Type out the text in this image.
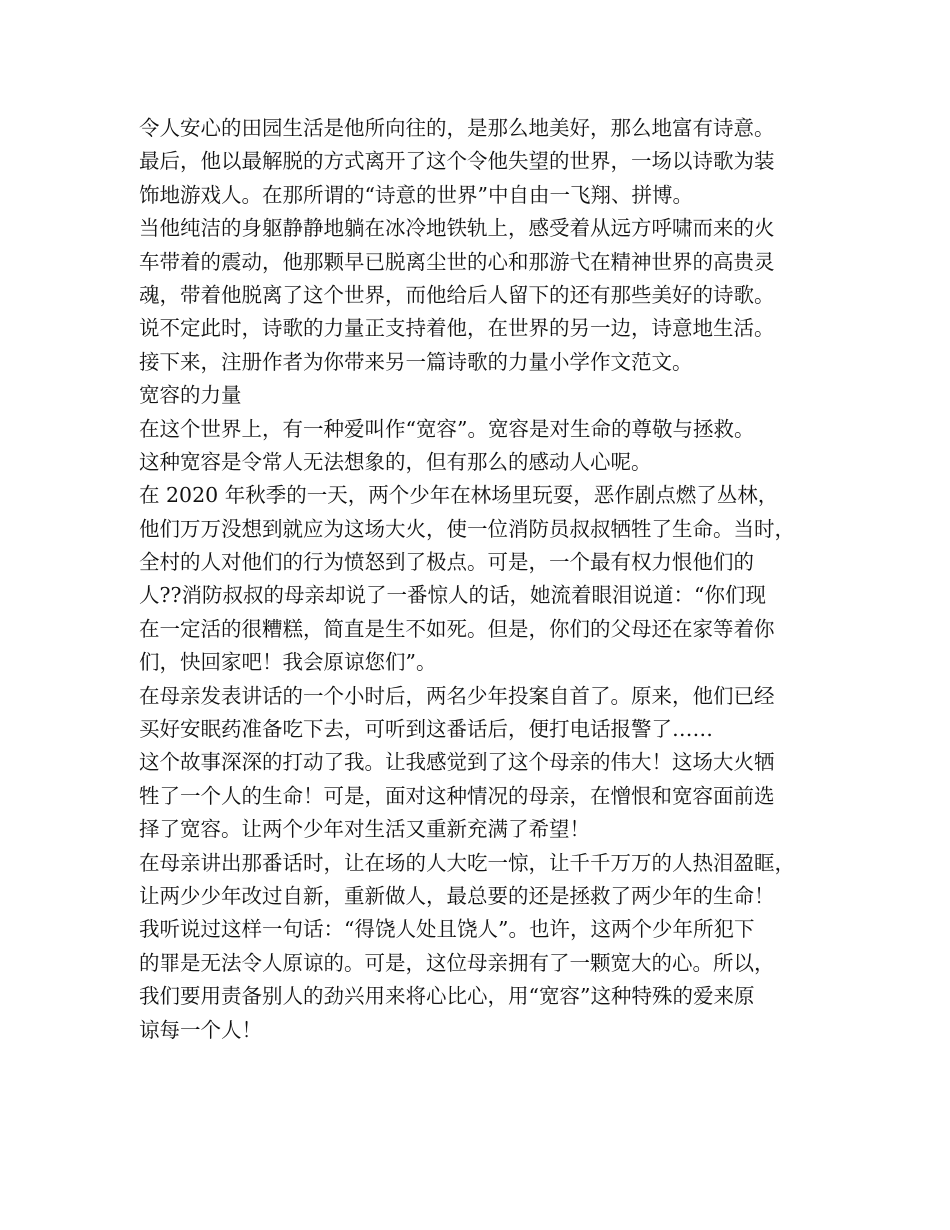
令人安心的田园生活是他所向往的，是那么地美好，那么地富有诗意。
最后，他以最解脱的方式离开了这个令他失望的世界，一场以诗歌为装
饰地游戏人。在那所谓的“诗意的世界”中自由一飞翔、拼博。
当他纯洁的身躯静静地躺在冰冷地铁轨上，感受着从远方呼啸而来的火
车带着的震动，他那颗早已脱离尘世的心和那游弋在精神世界的高贵灵
魂，带着他脱离了这个世界，而他给后人留下的还有那些美好的诗歌。
说不定此时，诗歌的力量正支持着他，在世界的另一边，诗意地生活。
接下来，注册作者为你带来另一篇诗歌的力量小学作文范文。
宽容的力量
在这个世界上，有一种爱叫作“宽容”。宽容是对生命的尊敬与拯救。
这种宽容是令常人无法想象的，但有那么的感动人心呢。
在 2020 年秋季的一天，两个少年在林场里玩耍，恶作剧点燃了丛林，
他们万万没想到就应为这场大火，使一位消防员叔叔牺牲了生命。当时，
全村的人对他们的行为愤怒到了极点。可是，一个最有权力恨他们的
人??消防叔叔的母亲却说了一番惊人的话，她流着眼泪说道：“你们现
在一定活的很糟糕，简直是生不如死。但是，你们的父母还在家等着你
们，快回家吧！我会原谅您们”。
在母亲发表讲话的一个小时后，两名少年投案自首了。原来，他们已经
买好安眠药准备吃下去，可听到这番话后，便打电话报警了……
这个故事深深的打动了我。让我感觉到了这个母亲的伟大！这场大火牺
牲了一个人的生命！可是，面对这种情况的母亲，在憎恨和宽容面前选
择了宽容。让两个少年对生活又重新充满了希望！
在母亲讲出那番话时，让在场的人大吃一惊，让千千万万的人热泪盈眶，
让两少少年改过自新，重新做人，最总要的还是拯救了两少年的生命！
我听说过这样一句话：“得饶人处且饶人”。也许，这两个少年所犯下
的罪是无法令人原谅的。可是，这位母亲拥有了一颗宽大的心。所以，
我们要用责备别人的劲兴用来将心比心，用“宽容”这种特殊的爱来原
谅每一个人！
